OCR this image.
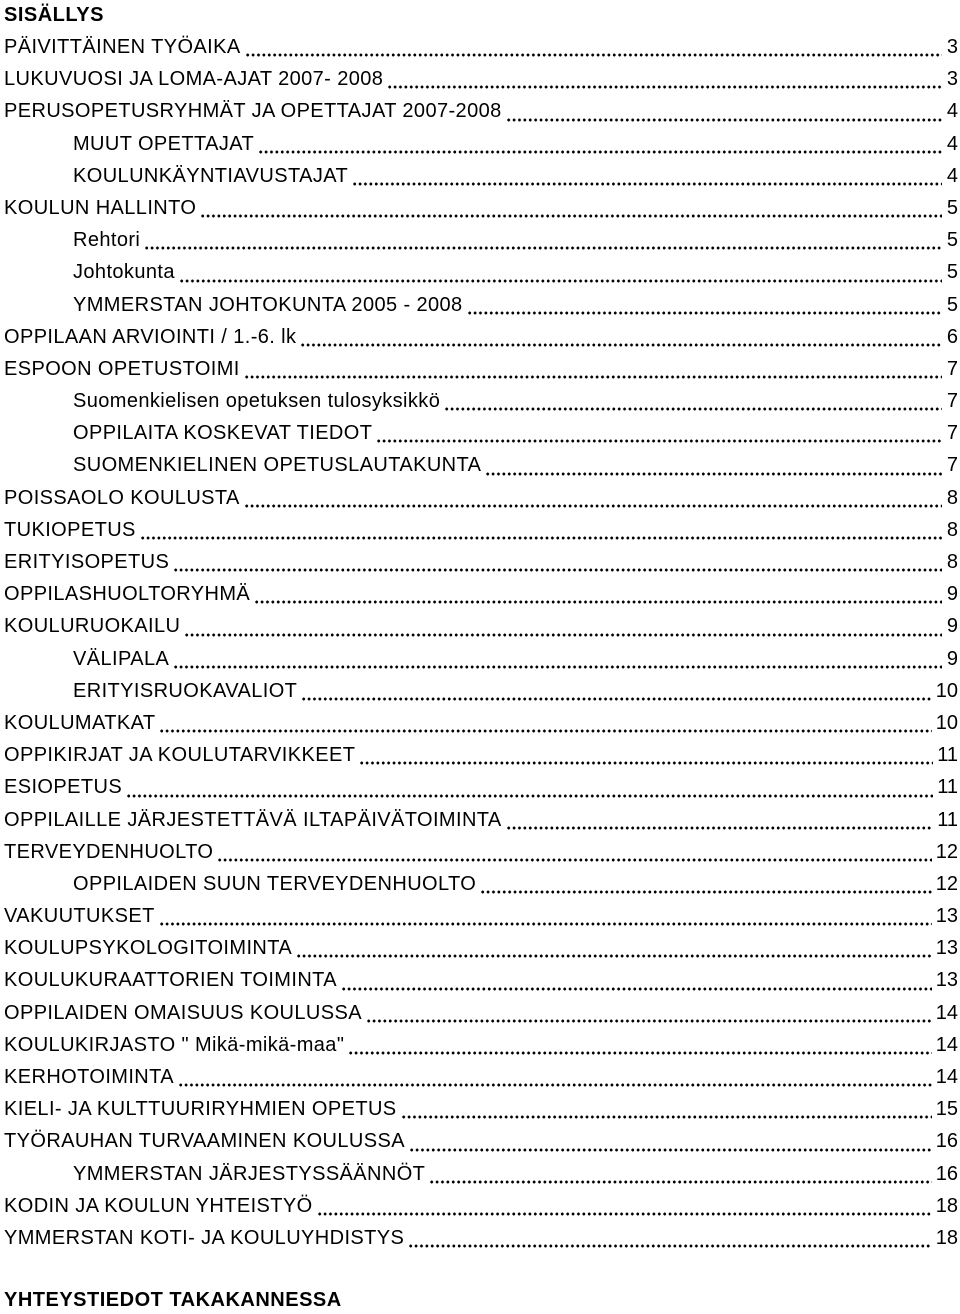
SISÄLLYS
PÄIVITTÄINEN TYÖAIKA	3
LUKUVUOSI JA LOMA-AJAT 2007- 2008	3
PERUSOPETUSRYHMÄT JA OPETTAJAT 2007-2008	4
MUUT OPETTAJAT	4
KOULUNKÄYNTIAVUSTAJAT	4
KOULUN HALLINTO	5
Rehtori	5
Johtokunta	5
YMMERSTAN JOHTOKUNTA 2005 - 2008	5
OPPILAAN ARVIOINTI / 1.-6. lk	6
ESPOON OPETUSTOIMI	7
Suomenkielisen opetuksen tulosyksikkö	7
OPPILAITA KOSKEVAT TIEDOT	7
SUOMENKIELINEN OPETUSLAUTAKUNTA	7
POISSAOLO KOULUSTA	8
TUKIOPETUS	8
ERITYISOPETUS	8
OPPILASHUOLTORYHMÄ	9
KOULURUOKAILU	9
VÄLIPALA	9
ERITYISRUOKAVALIOT	10
KOULUMATKAT	10
OPPIKIRJAT JA KOULUTARVIKKEET	11
ESIOPETUS	11
OPPILAILLE JÄRJESTETTÄVÄ ILTAPÄIVÄTOIMINTA	11
TERVEYDENHUOLTO	12
OPPILAIDEN SUUN TERVEYDENHUOLTO	12
VAKUUTUKSET	13
KOULUPSYKOLOGITOIMINTA	13
KOULUKURAATTORIEN TOIMINTA	13
OPPILAIDEN OMAISUUS KOULUSSA	14
KOULUKIRJASTO " Mikä-mikä-maa"	14
KERHOTOIMINTA	14
KIELI- JA KULTTUURIRYHMIEN OPETUS	15
TYÖRAUHAN TURVAAMINEN KOULUSSA	16
YMMERSTAN JÄRJESTYSSÄÄNNÖT	16
KODIN JA KOULUN YHTEISTYÖ	18
YMMERSTAN KOTI- JA KOULUYHDISTYS	18
YHTEYSTIEDOT TAKAKANNESSA
